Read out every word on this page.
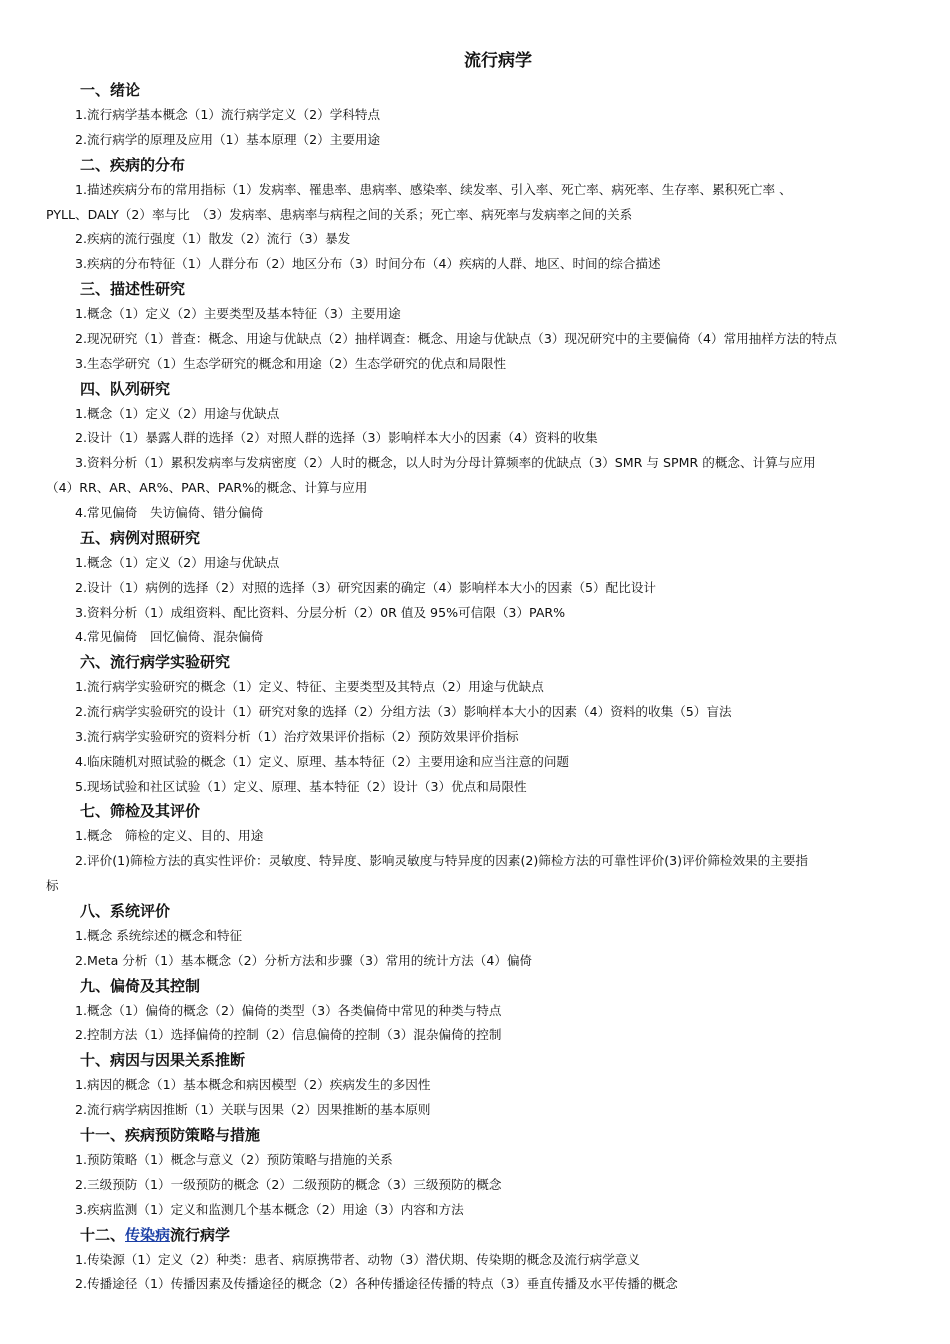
流行病学
一、绪论
1.流行病学基本概念（1）流行病学定义（2）学科特点
2.流行病学的原理及应用（1）基本原理（2）主要用途
二、疾病的分布
1.描述疾病分布的常用指标（1）发病率、罹患率、患病率、感染率、续发率、引入率、死亡率、病死率、生存率、累积死亡率 、
PYLL、DALY（2）率与比　（3）发病率、患病率与病程之间的关系；死亡率、病死率与发病率之间的关系
2.疾病的流行强度（1）散发（2）流行（3）暴发
3.疾病的分布特征（1）人群分布（2）地区分布（3）时间分布（4）疾病的人群、地区、时间的综合描述
三、描述性研究
1.概念（1）定义（2）主要类型及基本特征（3）主要用途
2.现况研究（1）普查：概念、用途与优缺点（2）抽样调查：概念、用途与优缺点（3）现况研究中的主要偏倚（4）常用抽样方法的特点
3.生态学研究（1）生态学研究的概念和用途（2）生态学研究的优点和局限性
四、队列研究
1.概念（1）定义（2）用途与优缺点
2.设计（1）暴露人群的选择（2）对照人群的选择（3）影响样本大小的因素（4）资料的收集
3.资料分析（1）累积发病率与发病密度（2）人时的概念，以人时为分母计算频率的优缺点（3）SMR 与 SPMR 的概念、计算与应用
（4）RR、AR、AR%、PAR、PAR%的概念、计算与应用
4.常见偏倚　失访偏倚、错分偏倚
五、病例对照研究
1.概念（1）定义（2）用途与优缺点
2.设计（1）病例的选择（2）对照的选择（3）研究因素的确定（4）影响样本大小的因素（5）配比设计
3.资料分析（1）成组资料、配比资料、分层分析（2）0R 值及 95%可信限（3）PAR%
4.常见偏倚　回忆偏倚、混杂偏倚
六、流行病学实验研究
1.流行病学实验研究的概念（1）定义、特征、主要类型及其特点（2）用途与优缺点
2.流行病学实验研究的设计（1）研究对象的选择（2）分组方法（3）影响样本大小的因素（4）资料的收集（5）盲法
3.流行病学实验研究的资料分析（1）治疗效果评价指标（2）预防效果评价指标
4.临床随机对照试验的概念（1）定义、原理、基本特征（2）主要用途和应当注意的问题
5.现场试验和社区试验（1）定义、原理、基本特征（2）设计（3）优点和局限性
七、筛检及其评价
1.概念　筛检的定义、目的、用途
2.评价(1)筛检方法的真实性评价：灵敏度、特异度、影响灵敏度与特异度的因素(2)筛检方法的可靠性评价(3)评价筛检效果的主要指
标
八、系统评价
1.概念 系统综述的概念和特征
2.Meta 分析（1）基本概念（2）分析方法和步骤（3）常用的统计方法（4）偏倚
九、偏倚及其控制
1.概念（1）偏倚的概念（2）偏倚的类型（3）各类偏倚中常见的种类与特点
2.控制方法（1）选择偏倚的控制（2）信息偏倚的控制（3）混杂偏倚的控制
十、病因与因果关系推断
1.病因的概念（1）基本概念和病因模型（2）疾病发生的多因性
2.流行病学病因推断（1）关联与因果（2）因果推断的基本原则
十一、疾病预防策略与措施
1.预防策略（1）概念与意义（2）预防策略与措施的关系
2.三级预防（1）一级预防的概念（2）二级预防的概念（3）三级预防的概念
3.疾病监测（1）定义和监测几个基本概念（2）用途（3）内容和方法
十二、传染病流行病学
1.传染源（1）定义（2）种类：患者、病原携带者、动物（3）潜伏期、传染期的概念及流行病学意义
2.传播途径（1）传播因素及传播途径的概念（2）各种传播途径传播的特点（3）垂直传播及水平传播的概念
